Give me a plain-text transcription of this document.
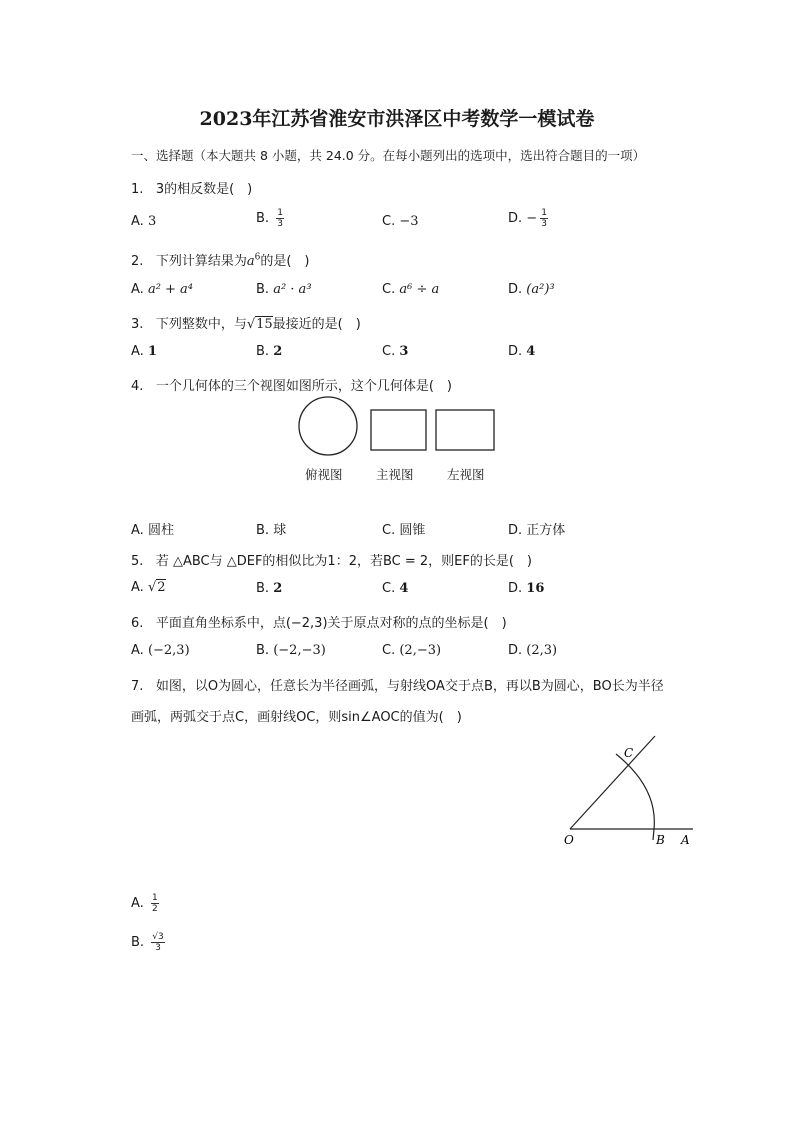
2023年江苏省淮安市洪泽区中考数学一模试卷
一、选择题（本大题共 8 小题，共 24.0 分。在每小题列出的选项中，选出符合题目的一项）
1. 3的相反数是(　)
A. 3	B. $\frac{1}{3}$	C. −3	D. − $\frac{1}{3}$
2. 下列计算结果为$a^6$的是(　)
A. a² + a⁴	B. a² · a³	C. a⁶ ÷ a	D. (a²)³
3. 下列整数中，与√15最接近的是(　)
A. 1	B. 2	C. 3	D. 4
4. 一个几何体的三个视图如图所示，这个几何体是(　)
俯视图	主视图	左视图
A. 圆柱	B. 球	C. 圆锥	D. 正方体
5. 若 △ABC与 △DEF的相似比为1：2，若BC = 2，则EF的长是(　)
A. √2	B. 2	C. 4	D. 16
6. 平面直角坐标系中，点(−2,3)关于原点对称的点的坐标是(　)
A. (−2,3)	B. (−2,−3)	C. (2,−3)	D. (2,3)
7. 如图，以O为圆心，任意长为半径画弧，与射线OA交于点B，再以B为圆心，BO长为半径
画弧，两弧交于点C，画射线OC，则sin∠AOC的值为(　)
O	B A
C
A. $\frac{1}{2}$
B. $\frac{√3}{3}$
